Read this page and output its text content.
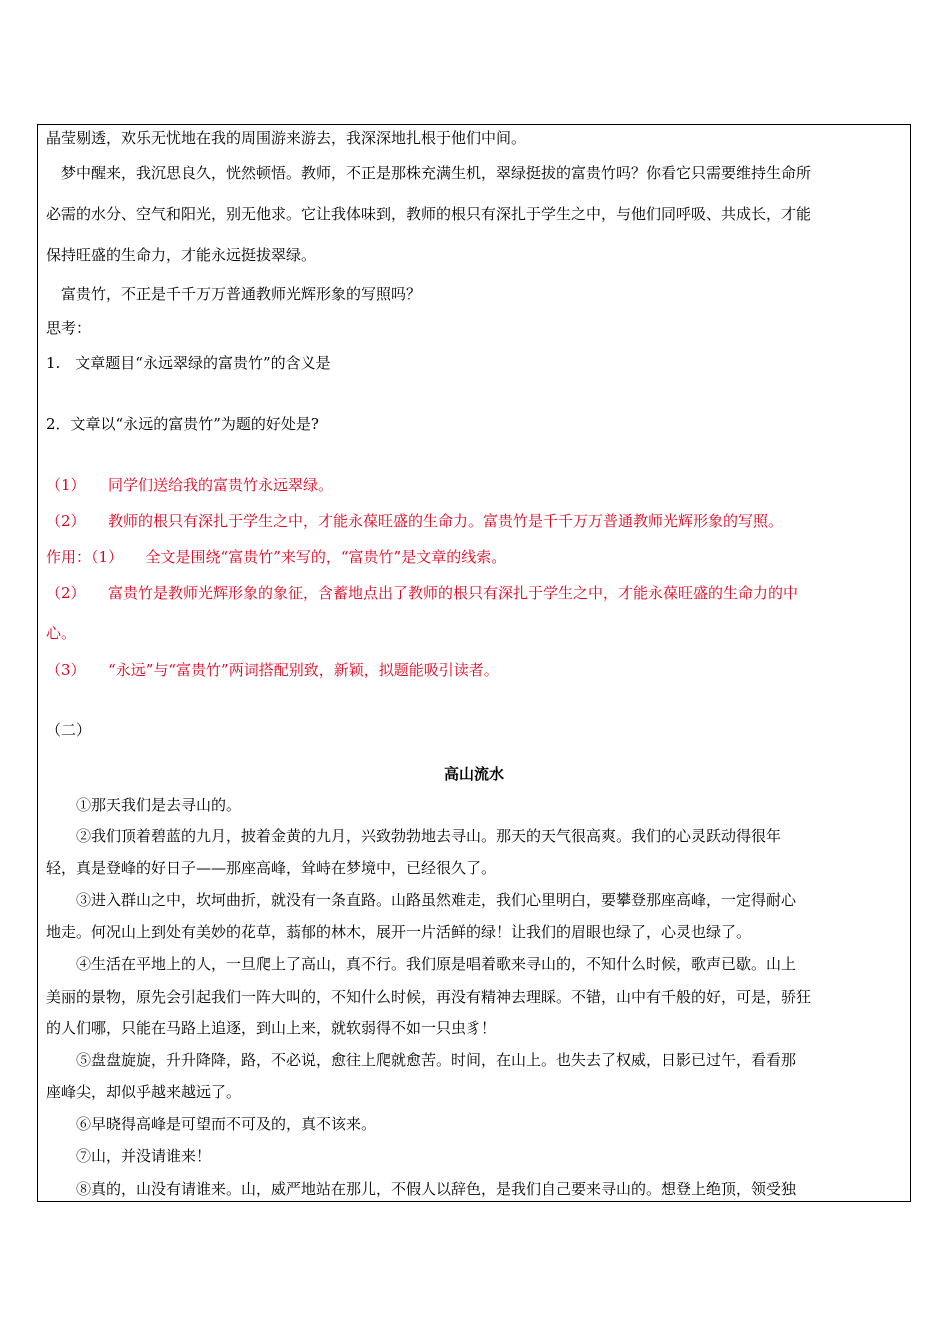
晶莹剔透，欢乐无忧地在我的周围游来游去，我深深地扎根于他们中间。
　梦中醒来，我沉思良久，恍然顿悟。教师，不正是那株充满生机，翠绿挺拔的富贵竹吗？你看它只需要维持生命所
必需的水分、空气和阳光，别无他求。它让我体味到，教师的根只有深扎于学生之中，与他们同呼吸、共成长，才能
保持旺盛的生命力，才能永远挺拔翠绿。
　富贵竹，不正是千千万万普通教师光辉形象的写照吗？
思考：
1.　文章题目“永远翠绿的富贵竹”的含义是
2．文章以“永远的富贵竹”为题的好处是?
（1）　　同学们送给我的富贵竹永远翠绿。
（2）　　教师的根只有深扎于学生之中，才能永葆旺盛的生命力。富贵竹是千千万万普通教师光辉形象的写照。
作用：（1）　　全文是围绕“富贵竹”来写的，“富贵竹”是文章的线索。
（2）　　富贵竹是教师光辉形象的象征，含蓄地点出了教师的根只有深扎于学生之中，才能永葆旺盛的生命力的中
心。
（3）　　“永远”与“富贵竹”两词搭配别致，新颖，拟题能吸引读者。
（二）
高山流水
　　①那天我们是去寻山的。
　　②我们顶着碧蓝的九月，披着金黄的九月，兴致勃勃地去寻山。那天的天气很高爽。我们的心灵跃动得很年
轻，真是登峰的好日子——那座高峰，耸峙在梦境中，已经很久了。
　　③进入群山之中，坎坷曲折，就没有一条直路。山路虽然难走，我们心里明白，要攀登那座高峰，一定得耐心
地走。何况山上到处有美妙的花草，蓊郁的林木，展开一片活鲜的绿！让我们的眉眼也绿了，心灵也绿了。
　　④生活在平地上的人，一旦爬上了高山，真不行。我们原是唱着歌来寻山的，不知什么时候，歌声已歇。山上
美丽的景物，原先会引起我们一阵大叫的，不知什么时候，再没有精神去理睬。不错，山中有千般的好，可是，骄狂
的人们哪，只能在马路上追逐，到山上来，就软弱得不如一只虫豸！
　　⑤盘盘旋旋，升升降降，路，不必说，愈往上爬就愈苦。时间，在山上。也失去了权威，日影已过午，看看那
座峰尖，却似乎越来越远了。
　　⑥早晓得高峰是可望而不可及的，真不该来。
　　⑦山，并没请谁来！
　　⑧真的，山没有请谁来。山，威严地站在那儿，不假人以辞色，是我们自己要来寻山的。想登上绝顶，领受独
